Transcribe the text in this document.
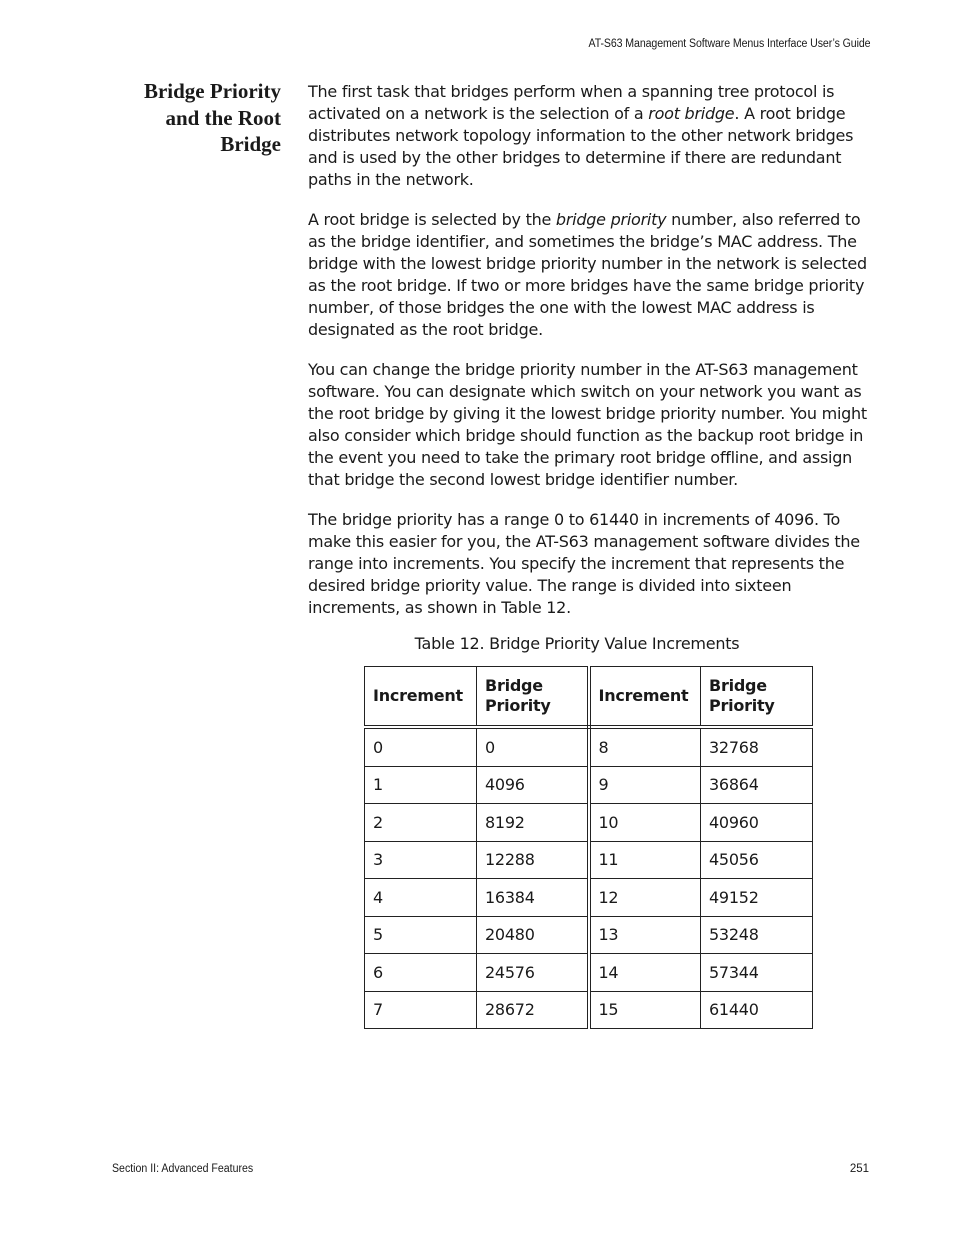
AT-S63 Management Software Menus Interface User’s Guide
Bridge Priority
and the Root
Bridge

The first task that bridges perform when a spanning tree protocol is activated on a network is the selection of a root bridge. A root bridge distributes network topology information to the other network bridges and is used by the other bridges to determine if there are redundant paths in the network.

A root bridge is selected by the bridge priority number, also referred to as the bridge identifier, and sometimes the bridge’s MAC address. The bridge with the lowest bridge priority number in the network is selected as the root bridge. If two or more bridges have the same bridge priority number, of those bridges the one with the lowest MAC address is designated as the root bridge.

You can change the bridge priority number in the AT-S63 management software. You can designate which switch on your network you want as the root bridge by giving it the lowest bridge priority number. You might also consider which bridge should function as the backup root bridge in the event you need to take the primary root bridge offline, and assign that bridge the second lowest bridge identifier number.

The bridge priority has a range 0 to 61440 in increments of 4096. To make this easier for you, the AT-S63 management software divides the range into increments. You specify the increment that represents the desired bridge priority value. The range is divided into sixteen increments, as shown in Table 12.

Table 12. Bridge Priority Value Increments
Increment	Bridge Priority	Increment	Bridge Priority
0	0	8	32768
1	4096	9	36864
2	8192	10	40960
3	12288	11	45056
4	16384	12	49152
5	20480	13	53248
6	24576	14	57344
7	28672	15	61440
Section II: Advanced Features	251
